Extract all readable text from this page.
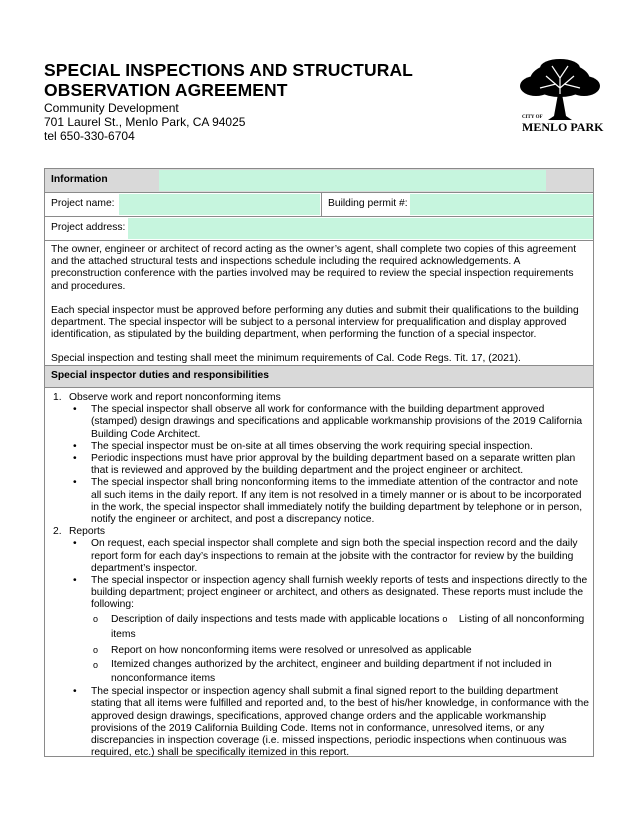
SPECIAL INSPECTIONS AND STRUCTURAL
OBSERVATION AGREEMENT
Community Development
701 Laurel St., Menlo Park, CA 94025
tel 650-330-6704
CITY OF
MENLO PARK
Information
Project name:	Building permit #:
Project address:
The owner, engineer or architect of record acting as the owner’s agent, shall complete two copies of this agreement and the attached structural tests and inspections schedule including the required acknowledgements. A preconstruction conference with the parties involved may be required to review the special inspection requirements and procedures.
Each special inspector must be approved before performing any duties and submit their qualifications to the building department. The special inspector will be subject to a personal interview for prequalification and display approved identification, as stipulated by the building department, when performing the function of a special inspector.
Special inspection and testing shall meet the minimum requirements of Cal. Code Regs. Tit. 17, (2021).
Special inspector duties and responsibilities
1. Observe work and report nonconforming items
• The special inspector shall observe all work for conformance with the building department approved (stamped) design drawings and specifications and applicable workmanship provisions of the 2019 California Building Code Architect.
• The special inspector must be on-site at all times observing the work requiring special inspection.
• Periodic inspections must have prior approval by the building department based on a separate written plan that is reviewed and approved by the building department and the project engineer or architect.
• The special inspector shall bring nonconforming items to the immediate attention of the contractor and note all such items in the daily report. If any item is not resolved in a timely manner or is about to be incorporated in the work, the special inspector shall immediately notify the building department by telephone or in person, notify the engineer or architect, and post a discrepancy notice.
2. Reports
• On request, each special inspector shall complete and sign both the special inspection record and the daily report form for each day’s inspections to remain at the jobsite with the contractor for review by the building department’s inspector.
• The special inspector or inspection agency shall furnish weekly reports of tests and inspections directly to the building department; project engineer or architect, and others as designated. These reports must include the following:
o Description of daily inspections and tests made with applicable locations o Listing of all nonconforming items
o Report on how nonconforming items were resolved or unresolved as applicable
o Itemized changes authorized by the architect, engineer and building department if not included in nonconformance items
• The special inspector or inspection agency shall submit a final signed report to the building department stating that all items were fulfilled and reported and, to the best of his/her knowledge, in conformance with the approved design drawings, specifications, approved change orders and the applicable workmanship provisions of the 2019 California Building Code. Items not in conformance, unresolved items, or any discrepancies in inspection coverage (i.e. missed inspections, periodic inspections when continuous was required, etc.) shall be specifically itemized in this report.
